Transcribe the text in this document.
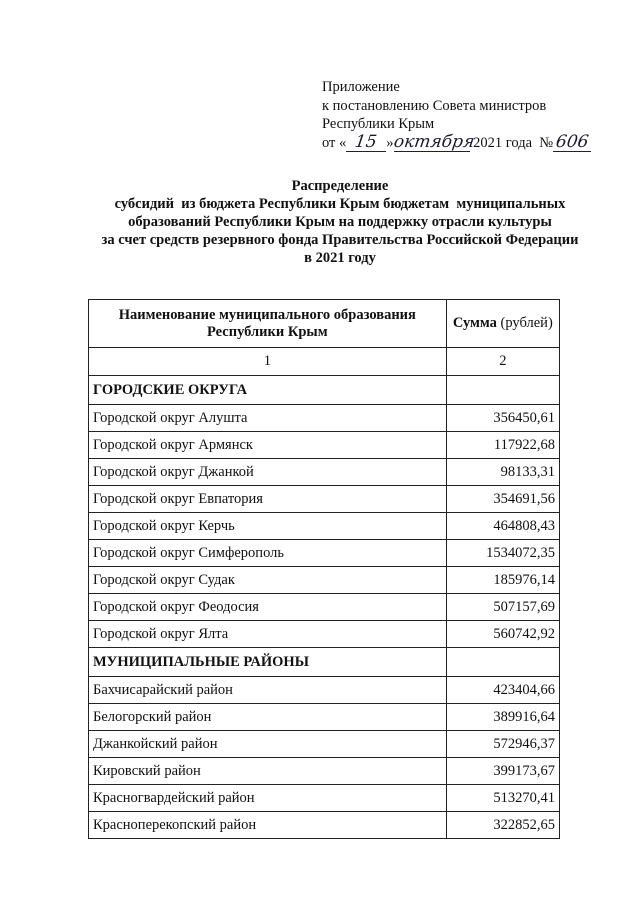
Приложение
к постановлению Совета министров
Республики Крым
от « 15 »октября 2021 года №606
Распределение
субсидий  из бюджета Республики Крым бюджетам  муниципальных
образований Республики Крым на поддержку отрасли культуры
за счет средств резервного фонда Правительства Российской Федерации
в 2021 году
Наименование муниципального образования Республики Крым	Сумма (рублей)
1	2
ГОРОДСКИЕ ОКРУГА	
Городской округ Алушта	356450,61
Городской округ Армянск	117922,68
Городской округ Джанкой	98133,31
Городской округ Евпатория	354691,56
Городской округ Керчь	464808,43
Городской округ Симферополь	1534072,35
Городской округ Судак	185976,14
Городской округ Феодосия	507157,69
Городской округ Ялта	560742,92
МУНИЦИПАЛЬНЫЕ РАЙОНЫ	
Бахчисарайский район	423404,66
Белогорский район	389916,64
Джанкойский район	572946,37
Кировский район	399173,67
Красногвардейский район	513270,41
Красноперекопский район	322852,65
